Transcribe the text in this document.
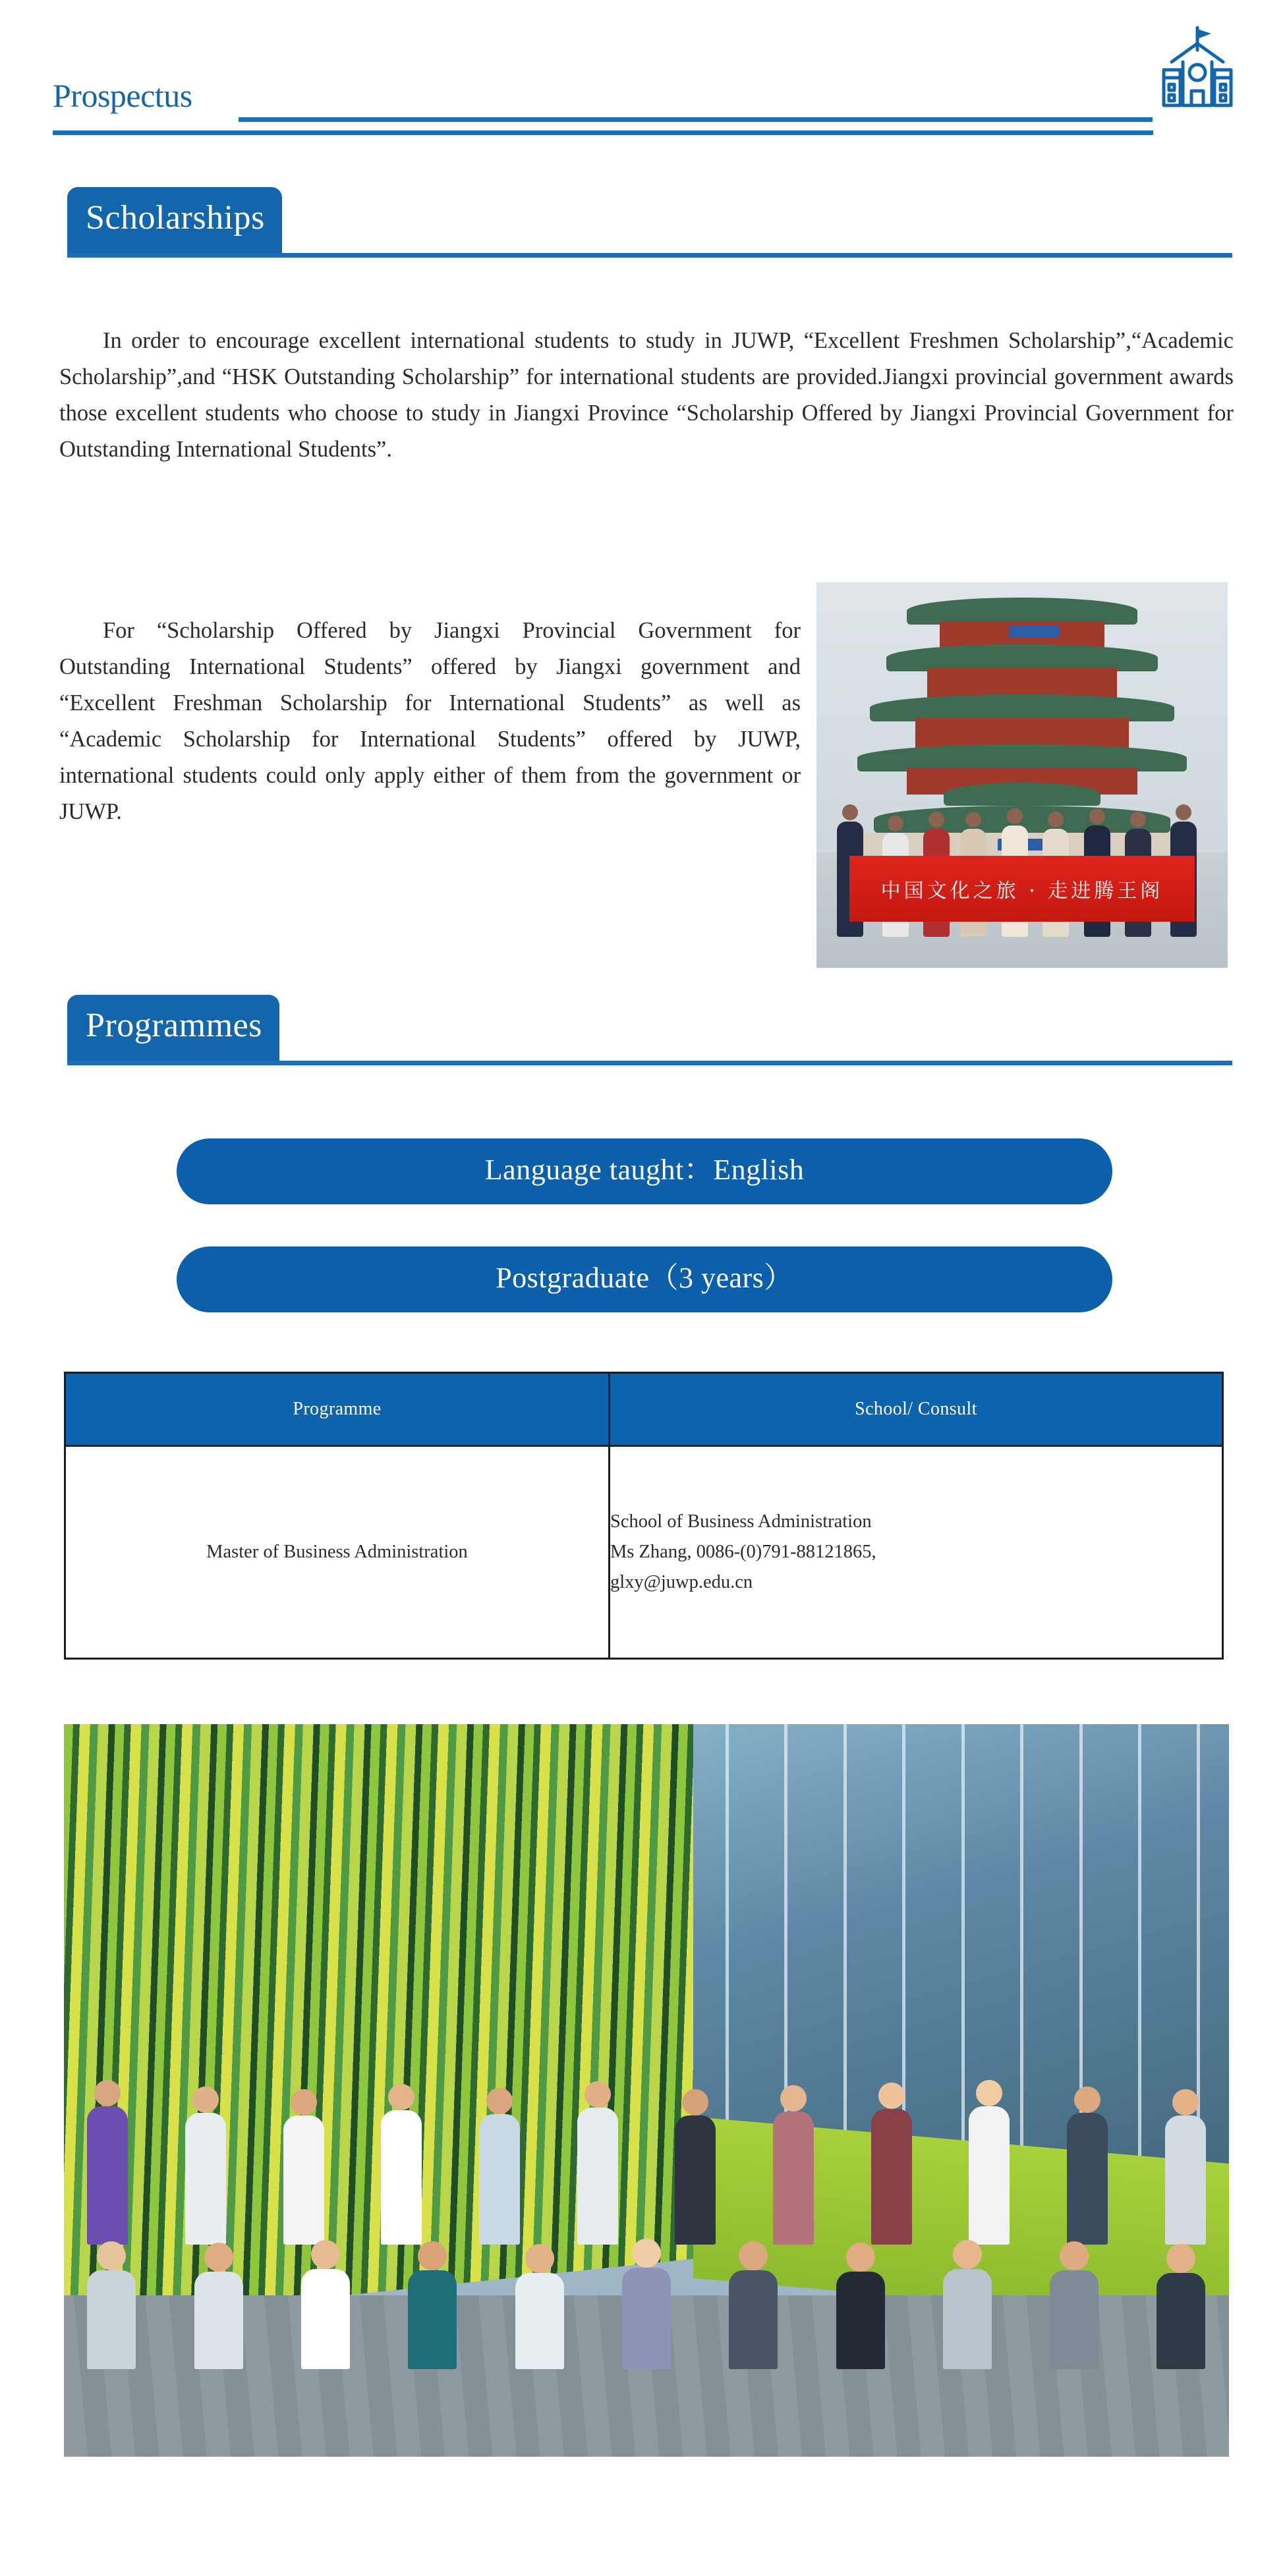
Prospectus
Scholarships

In order to encourage excellent international students to study in JUWP, “Excellent Freshmen Scholarship”,“Academic Scholarship”,and “HSK Outstanding Scholarship” for international students are provided.Jiangxi provincial government awards those excellent students who choose to study in Jiangxi Province “Scholarship Offered by Jiangxi Provincial Government for Outstanding International Students”.

For “Scholarship Offered by Jiangxi Provincial Government for Outstanding International Students” offered by Jiangxi government and “Excellent Freshman Scholarship for International Students” as well as “Academic Scholarship for International Students” offered by JUWP, international students could only apply either of them from the government or JUWP.

中国文化之旅 · 走进腾王阁
Programmes
Language taught：English
Postgraduate（3 years）
Programme	School/ Consult
Master of Business Administration	School of Business Administration
Ms Zhang, 0086-(0)791-88121865,
glxy@juwp.edu.cn
